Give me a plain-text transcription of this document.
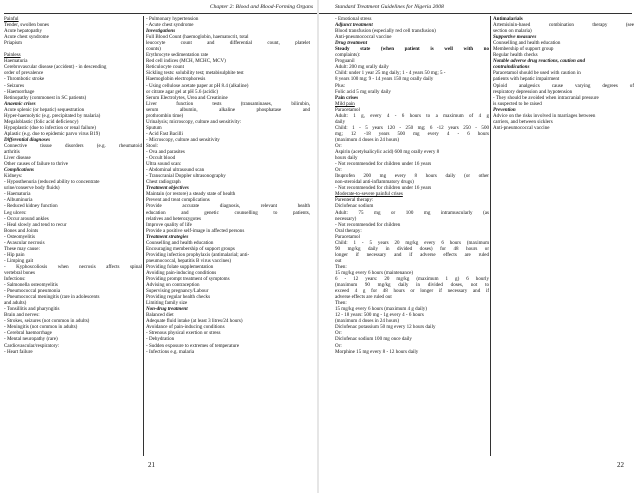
Chapter 2: Blood and Blood-Forming Organs
Painful
Tender, swollen bones
Acute hepatopathy
Acute chest syndrome
Priapism

Painless
Haematuria
Cerebrovascular disease (accident) - in descending
order of prevalence
- Thrombotic stroke
- Seizures
- Haemorrhage
Retinopathy (commonest in SC patients)
Anaemic crises
Acute splenic (or hepatic) sequestration
Hyper-haemolytic (e.g. precipitated by malaria)
Megaloblastic (folic acid deficiency)
Hypoplastic (due to infection or renal failure)
Aplastic (e.g. due to epidemic parvo virus B19)
Differential diagnoses
Connective tissue disorders (e.g. rheumatoid
arthritis
Liver disease
Other causes of failure to thrive
Complications
Kidneys:
- Hyposthenuria (reduced ability to concentrate
urine/conserve body fluids)
- Haematuria
- Albuminuria
- Reduced kidney function
Leg ulcers:
- Occur around ankles
- Heal slowly and tend to recur
Bones and Joints
- Osteomyelitis
- Avascular necrosis
These may cause:
- Hip pain
- Limping gait
- Kyphoscoliosis when necrosis affects spinal
vertebral bones
Infections:
- Salmonella osteomyelitis
- Pneumococcal pneumonia
- Pneumococcal meningitis (rare in adolescents
and adults)
- Tonsillitis and pharyngitis
Brain and nerves:
- Strokes, seizures (not common in adults)
- Meningitis (not common in adults)
- Cerebral haemorrhage
- Mental neuropathy (rare)
Cardiovascular/respiratory:
- Heart failure
- Pulmonary hypertension
- Acute chest syndrome
Investigations
Full Blood Count (haemoglobin, haematocrit, total
leucocyte count and differential count, platelet
counts)
Erythrocyte sedimentation rate
Red cell indices (MCH, MCHC, MCV)
Reticulocyte count
Sickling tests: solubility test; metabisulphite test
Haemoglobin electrophoresis
- Using cellulose acetate paper at pH 8.4 (alkaline)
or citrate agar gel at pH 5.6 (acidic)
Serum Electrolytes, Urea and Creatinine
Liver function tests (transaminases, bilirubin,
serum albumin, alkaline phosphatase and
prothrombin time)
Urinalysis; microscopy, culture and sensitivity:
Sputum
- Acid Fast Bacilli
- Microscopy, culture and sensitivity
Stool:
- Ova and parasites
- Occult blood
Ultra sound scan:
- Abdominal ultrasound scan
- Transcranial Doppler ultrasonography
Chest radiograph
Treatment objectives
Maintain (or restore) a steady state of health
Prevent and treat complications
Provide accurate diagnosis, relevant health
education and genetic counselling to patients,
relatives and heterozygotes
Improve quality of life
Provide a positive self-image in affected persons
Treatment strategies
Counselling and health education
Encouraging membership of support groups
Providing infection prophylaxis (antimalarial; anti-
pneumococcal, hepatitis B virus vaccines)
Providing folate supplementation
Avoiding pain-inducing conditions
Providing prompt treatment of symptoms
Advising on contraception
Supervising pregnancy/Labour
Providing regular health checks
Limiting family size
Non-drug treatment
Balanced diet
Adequate fluid intake (at least 3 litres/24 hours)
Avoidance of pain-inducing conditions
- Strenous physical exertion or stress
- Dehydration
- Sudden exposure to extremes of temperature
- Infections e.g. malaria
21
Standard Treatment Guidelines for Nigeria 2008
- Emotional stress
Adjunct treatment
Blood transfusion (especially red cell transfusion)
Anti-pneumococcal vaccine
Drug treatment
Steady state (when patient is well with no
complaints):
Proguanil
Adult: 200 mg orally daily
Child: under 1 year 25 mg daily; 1 - 4 years 50 mg; 5 -
8 years 100 mg; 9 - 14 years 150 mg orally daily
Plus:
Folic acid 5 mg orally daily
Pain crises
Mild pain
Paracetamol
Adult: 1 g, every 4 - 6 hours to a maximum of 4 g
daily
Child: 1 - 5 years 120 - 250 mg; 6 -12 years 250 - 500
mg; 12 -18 years 500 mg every 4 - 6 hours
(maximum 4 doses in 24 hours)
Or:
Aspirin (acetylsalicylic acid) 600 mg orally every 8
hours daily
- Not recommended for children under 16 years
Or:
Ibuprofen 200 mg every 8 hours daily (or other
non-steroidal anti-inflammatory drugs)
- Not recommended for children under 16 years
Moderate-to-severe painful crises
Parenteral therapy:
Diclofenac sodium
Adult: 75 mg or 100 mg intramuscularly (as
necessary)
- Not recommended for children
Oral therapy:
Paracetamol
Child: 1 - 5 years 20 mg/kg every 6 hours (maximum
90 mg/kg daily in divided doses) for 48 hours or
longer if necessary and if adverse effects are ruled
out
Then:
15 mg/kg every 6 hours (maintenance)
6 - 12 years: 20 mg/kg (maximum 1 g) 6 hourly
(maximum 90 mg/kg daily in divided doses, not to
exceed 4 g for 48 hours or longer if necessary and if
adverse effects are ruled out
Then:
15 mg/kg every 6 hours (maximum 4 g daily)
12 - 18 years: 500 mg - 1g every 4 - 6 hours
(maximum 4 doses in 24 hours)
Diclofenac potassium 50 mg every 12 hours daily
Or:
Diclofenac sodium 100 mg once daily
Or:
Morphine 15 mg every 8 - 12 hours daily
Antimalarials
Artemisinin-based combination therapy (see
section on malaria)
Supportive measures
Counselling and health education
Membership of support group
Regular health checks
Notable adverse drug reactions, caution and
contraindications
Paracetamol should be used with caution in
patients with hepatic impairment
Opioid analgesics cause varying degrees of
respiratory depression and hypotension
- They should be avoided when intracranial pressure
is suspected to be raised
Prevention
Advice on the risks involved in marriages between
carriers, and between sicklers
Anti-pneumococcal vaccine
22
